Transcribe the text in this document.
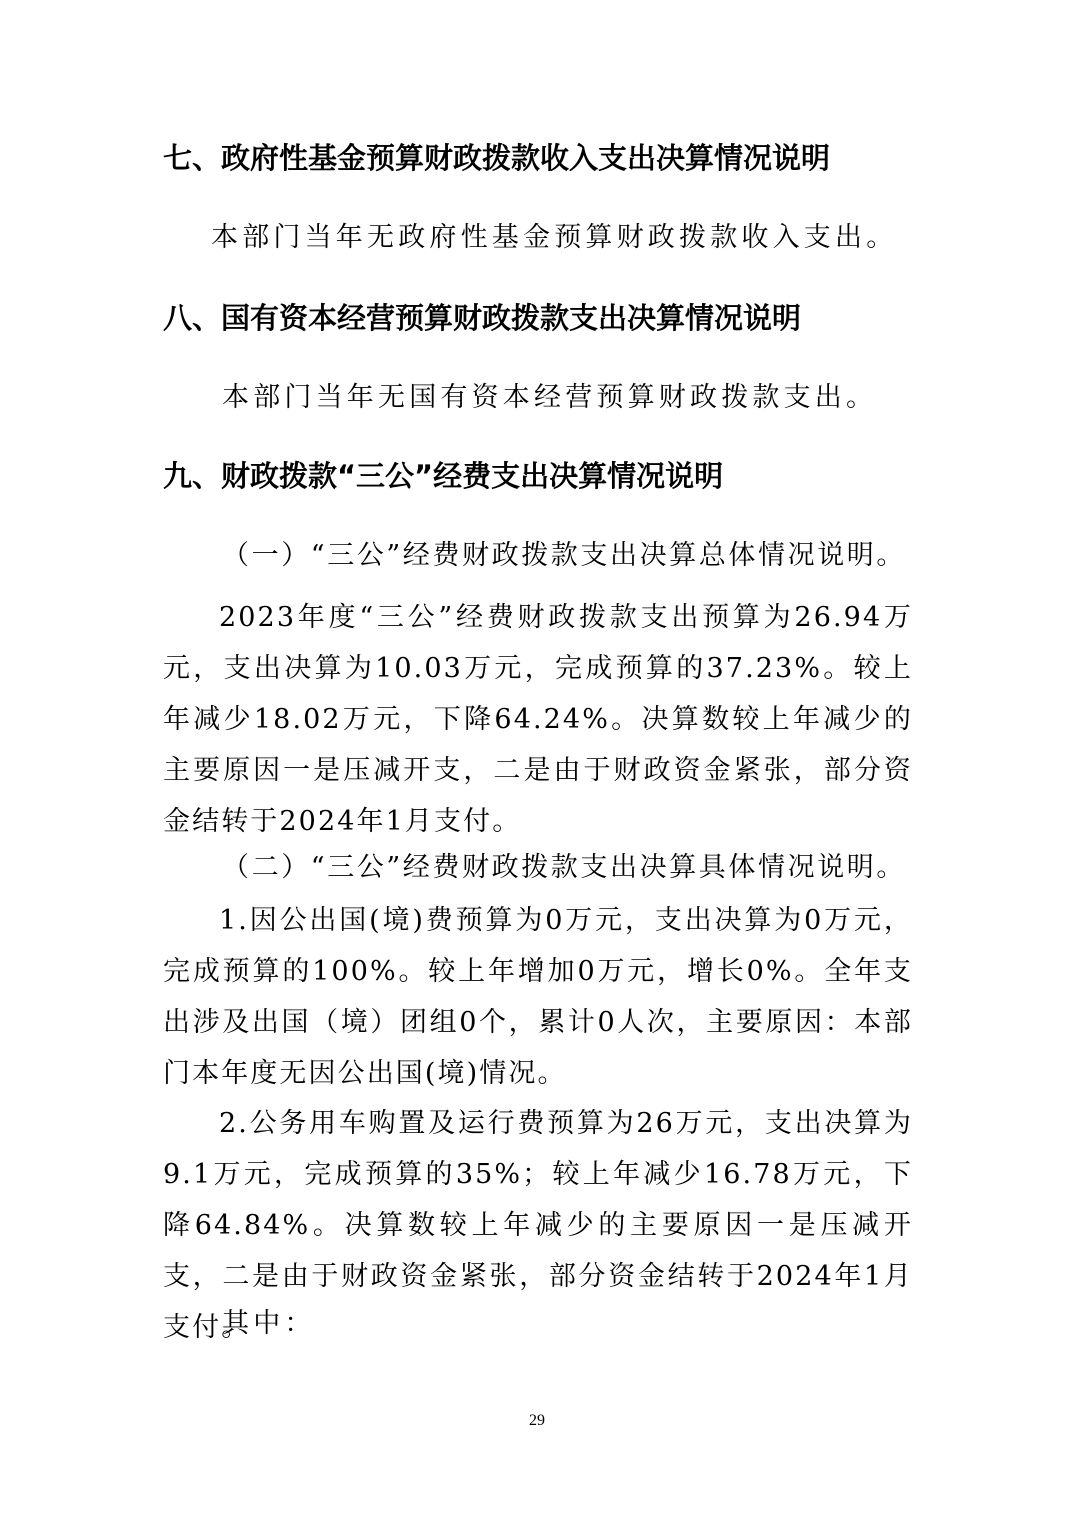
七、政府性基金预算财政拨款收入支出决算情况说明
本部门当年无政府性基金预算财政拨款收入支出。
八、国有资本经营预算财政拨款支出决算情况说明
本部门当年无国有资本经营预算财政拨款支出。
九、财政拨款“三公”经费支出决算情况说明
（一）“三公”经费财政拨款支出决算总体情况说明。

2023年度“三公”经费财政拨款支出预算为26.94万元，支出决算为10.03万元，完成预算的37.23%。较上年减少18.02万元，下降64.24%。决算数较上年减少的主要原因一是压减开支，二是由于财政资金紧张，部分资金结转于2024年1月支付。

（二）“三公”经费财政拨款支出决算具体情况说明。

1.因公出国(境)费预算为0万元，支出决算为0万元，完成预算的100%。较上年增加0万元，增长0%。全年支出涉及出国（境）团组0个，累计0人次，主要原因：本部门本年度无因公出国(境)情况。

2.公务用车购置及运行费预算为26万元，支出决算为9.1万元，完成预算的35%；较上年减少16.78万元，下降64.84%。决算数较上年减少的主要原因一是压减开支，二是由于财政资金紧张，部分资金结转于2024年1月支付。

其中：
29
